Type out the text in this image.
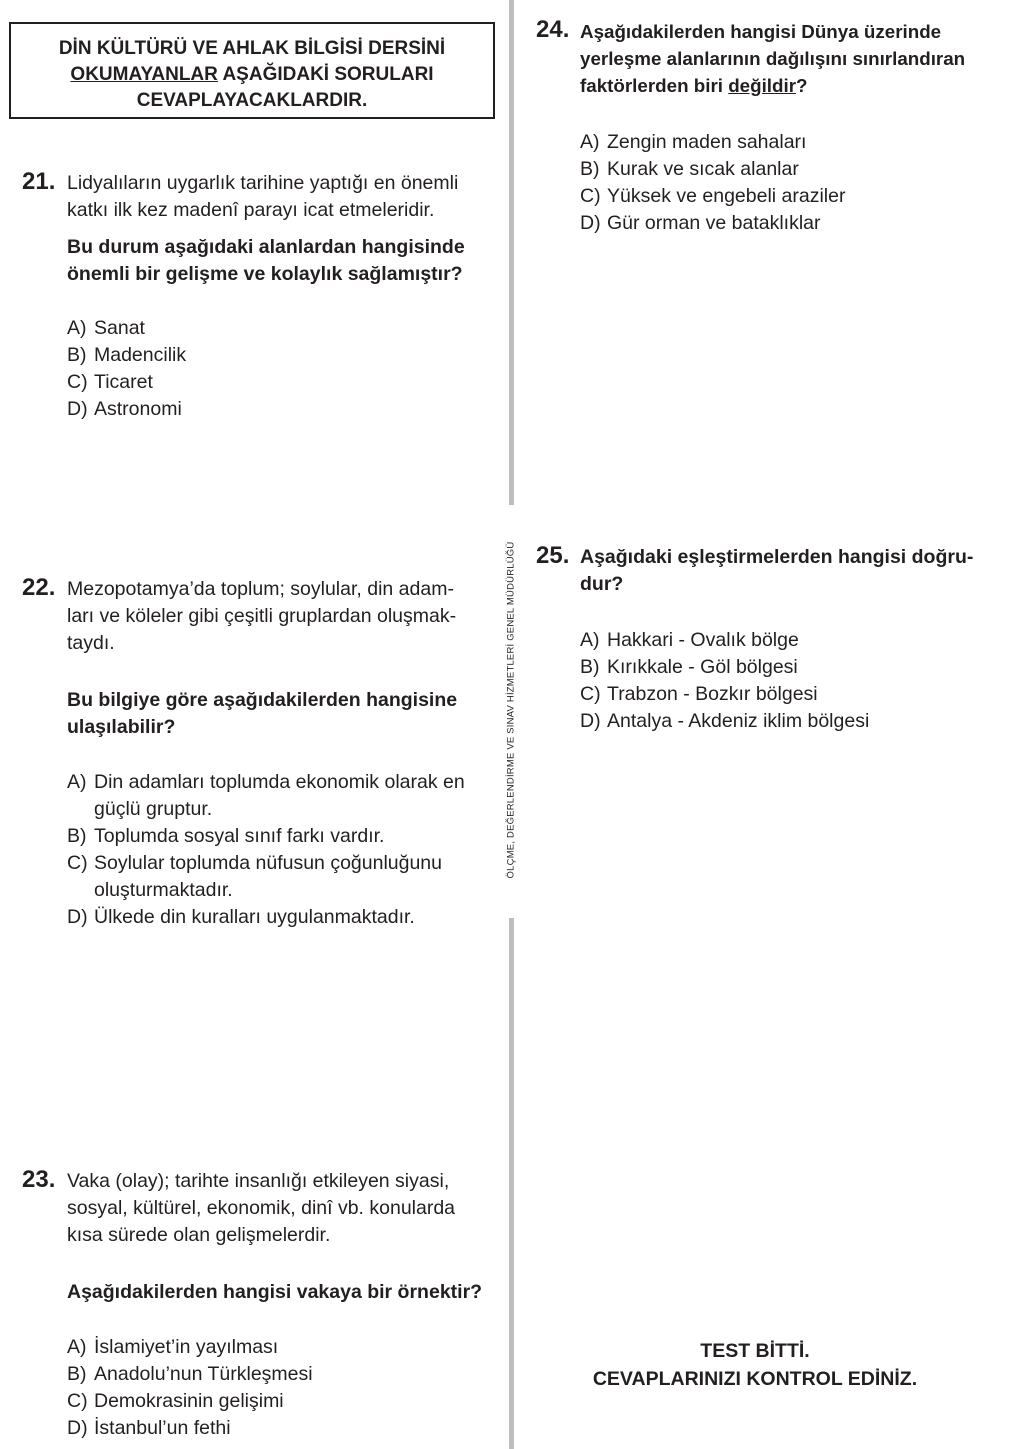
DİN KÜLTÜRÜ VE AHLAK BİLGİSİ DERSİNİ
OKUMAYANLAR AŞAĞIDAKİ SORULARI
CEVAPLAYACAKLARDIR.
21. Lidyalıların uygarlık tarihine yaptığı en önemli
katkı ilk kez madenî parayı icat etmeleridir.
Bu durum aşağıdaki alanlardan hangisinde
önemli bir gelişme ve kolaylık sağlamıştır?
A) Sanat
B) Madencilik
C) Ticaret
D) Astronomi
22. Mezopotamya’da toplum; soylular, din adam-
ları ve köleler gibi çeşitli gruplardan oluşmak-
taydı.
Bu bilgiye göre aşağıdakilerden hangisine
ulaşılabilir?
A) Din adamları toplumda ekonomik olarak en güçlü gruptur.
B) Toplumda sosyal sınıf farkı vardır.
C) Soylular toplumda nüfusun çoğunluğunu oluşturmaktadır.
D) Ülkede din kuralları uygulanmaktadır.
23. Vaka (olay); tarihte insanlığı etkileyen siyasi,
sosyal, kültürel, ekonomik, dinî vb. konularda
kısa sürede olan gelişmelerdir.
Aşağıdakilerden hangisi vakaya bir örnektir?
A) İslamiyet’in yayılması
B) Anadolu’nun Türkleşmesi
C) Demokrasinin gelişimi
D) İstanbul’un fethi
ÖLÇME, DEĞERLENDİRME VE SINAV HİZMETLERİ GENEL MÜDÜRLÜĞÜ
24. Aşağıdakilerden hangisi Dünya üzerinde
yerleşme alanlarının dağılışını sınırlandıran
faktörlerden biri değildir?
A) Zengin maden sahaları
B) Kurak ve sıcak alanlar
C) Yüksek ve engebeli araziler
D) Gür orman ve bataklıklar
25. Aşağıdaki eşleştirmelerden hangisi doğru-
dur?
A) Hakkari - Ovalık bölge
B) Kırıkkale - Göl bölgesi
C) Trabzon - Bozkır bölgesi
D) Antalya - Akdeniz iklim bölgesi
TEST BİTTİ.
CEVAPLARINIZI KONTROL EDİNİZ.
